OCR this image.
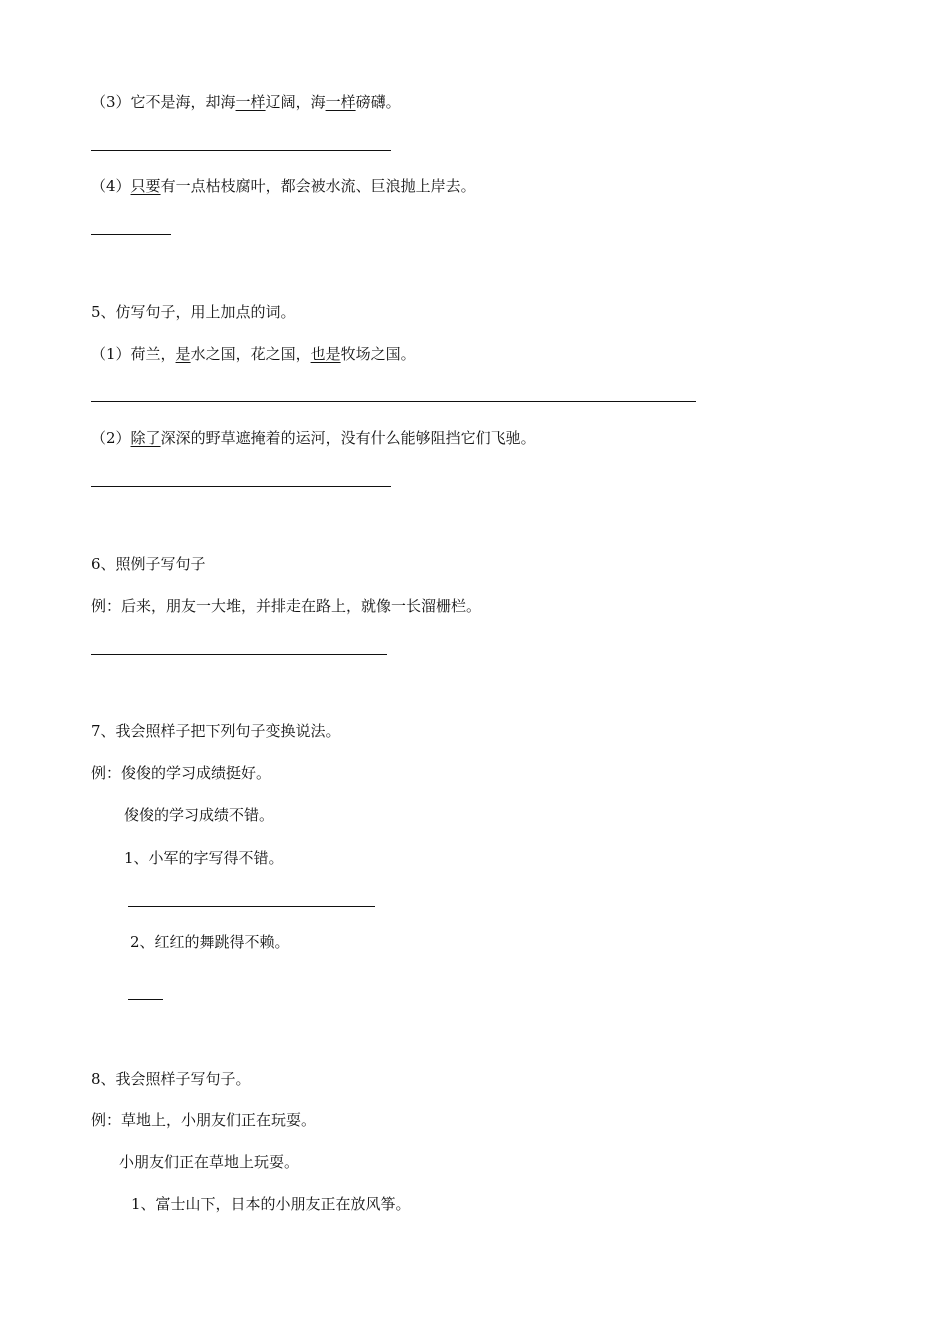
（3）它不是海，却海一样辽阔，海一样磅礴。
（4）只要有一点枯枝腐叶，都会被水流、巨浪抛上岸去。
5、仿写句子，用上加点的词。
（1）荷兰，是水之国，花之国，也是牧场之国。
（2）除了深深的野草遮掩着的运河，没有什么能够阻挡它们飞驰。
6、照例子写句子
例：后来，朋友一大堆，并排走在路上，就像一长溜栅栏。
7、我会照样子把下列句子变换说法。
例：俊俊的学习成绩挺好。
俊俊的学习成绩不错。
1、小军的字写得不错。
2、红红的舞跳得不赖。
8、我会照样子写句子。
例：草地上，小朋友们正在玩耍。
小朋友们正在草地上玩耍。
1、富士山下，日本的小朋友正在放风筝。
